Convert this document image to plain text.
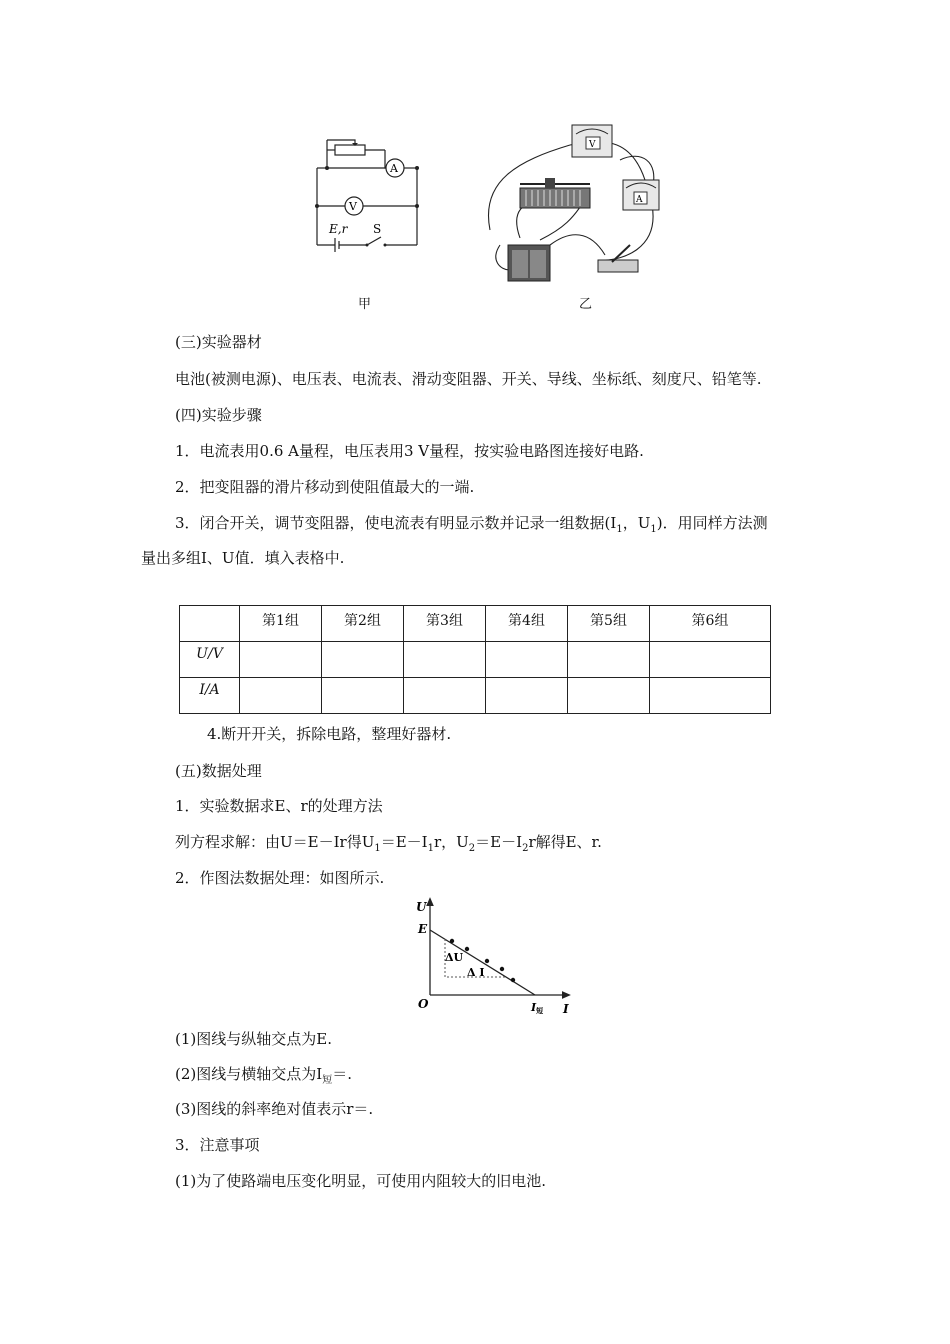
A
V
E,r S
甲
V
A
乙
(三)实验器材
电池(被测电源)、电压表、电流表、滑动变阻器、开关、导线、坐标纸、刻度尺、铅笔等.
(四)实验步骤
1．电流表用0.6 A量程，电压表用3 V量程，按实验电路图连接好电路.
2．把变阻器的滑片移动到使阻值最大的一端.
3．闭合开关，调节变阻器，使电流表有明显示数并记录一组数据($I_1$，$U_1$)．用同样方法测
量出多组I、U值．填入表格中.
	第1组	第2组	第3组	第4组	第5组	第6组
U/V						
I/A						
4.断开开关，拆除电路，整理好器材.
(五)数据处理
1．实验数据求E、r的处理方法
列方程求解：由U＝E－Ir得$U_1=E-I_1r$，$U_2=E-I_2r$解得E、r.
2．作图法数据处理：如图所示.
U
I
O
E
ΔU
Δ I
I短
(1)图线与纵轴交点为E.
(2)图线与横轴交点为$I_短=$.
(3)图线的斜率绝对值表示r＝.
3．注意事项
(1)为了使路端电压变化明显，可使用内阻较大的旧电池.
